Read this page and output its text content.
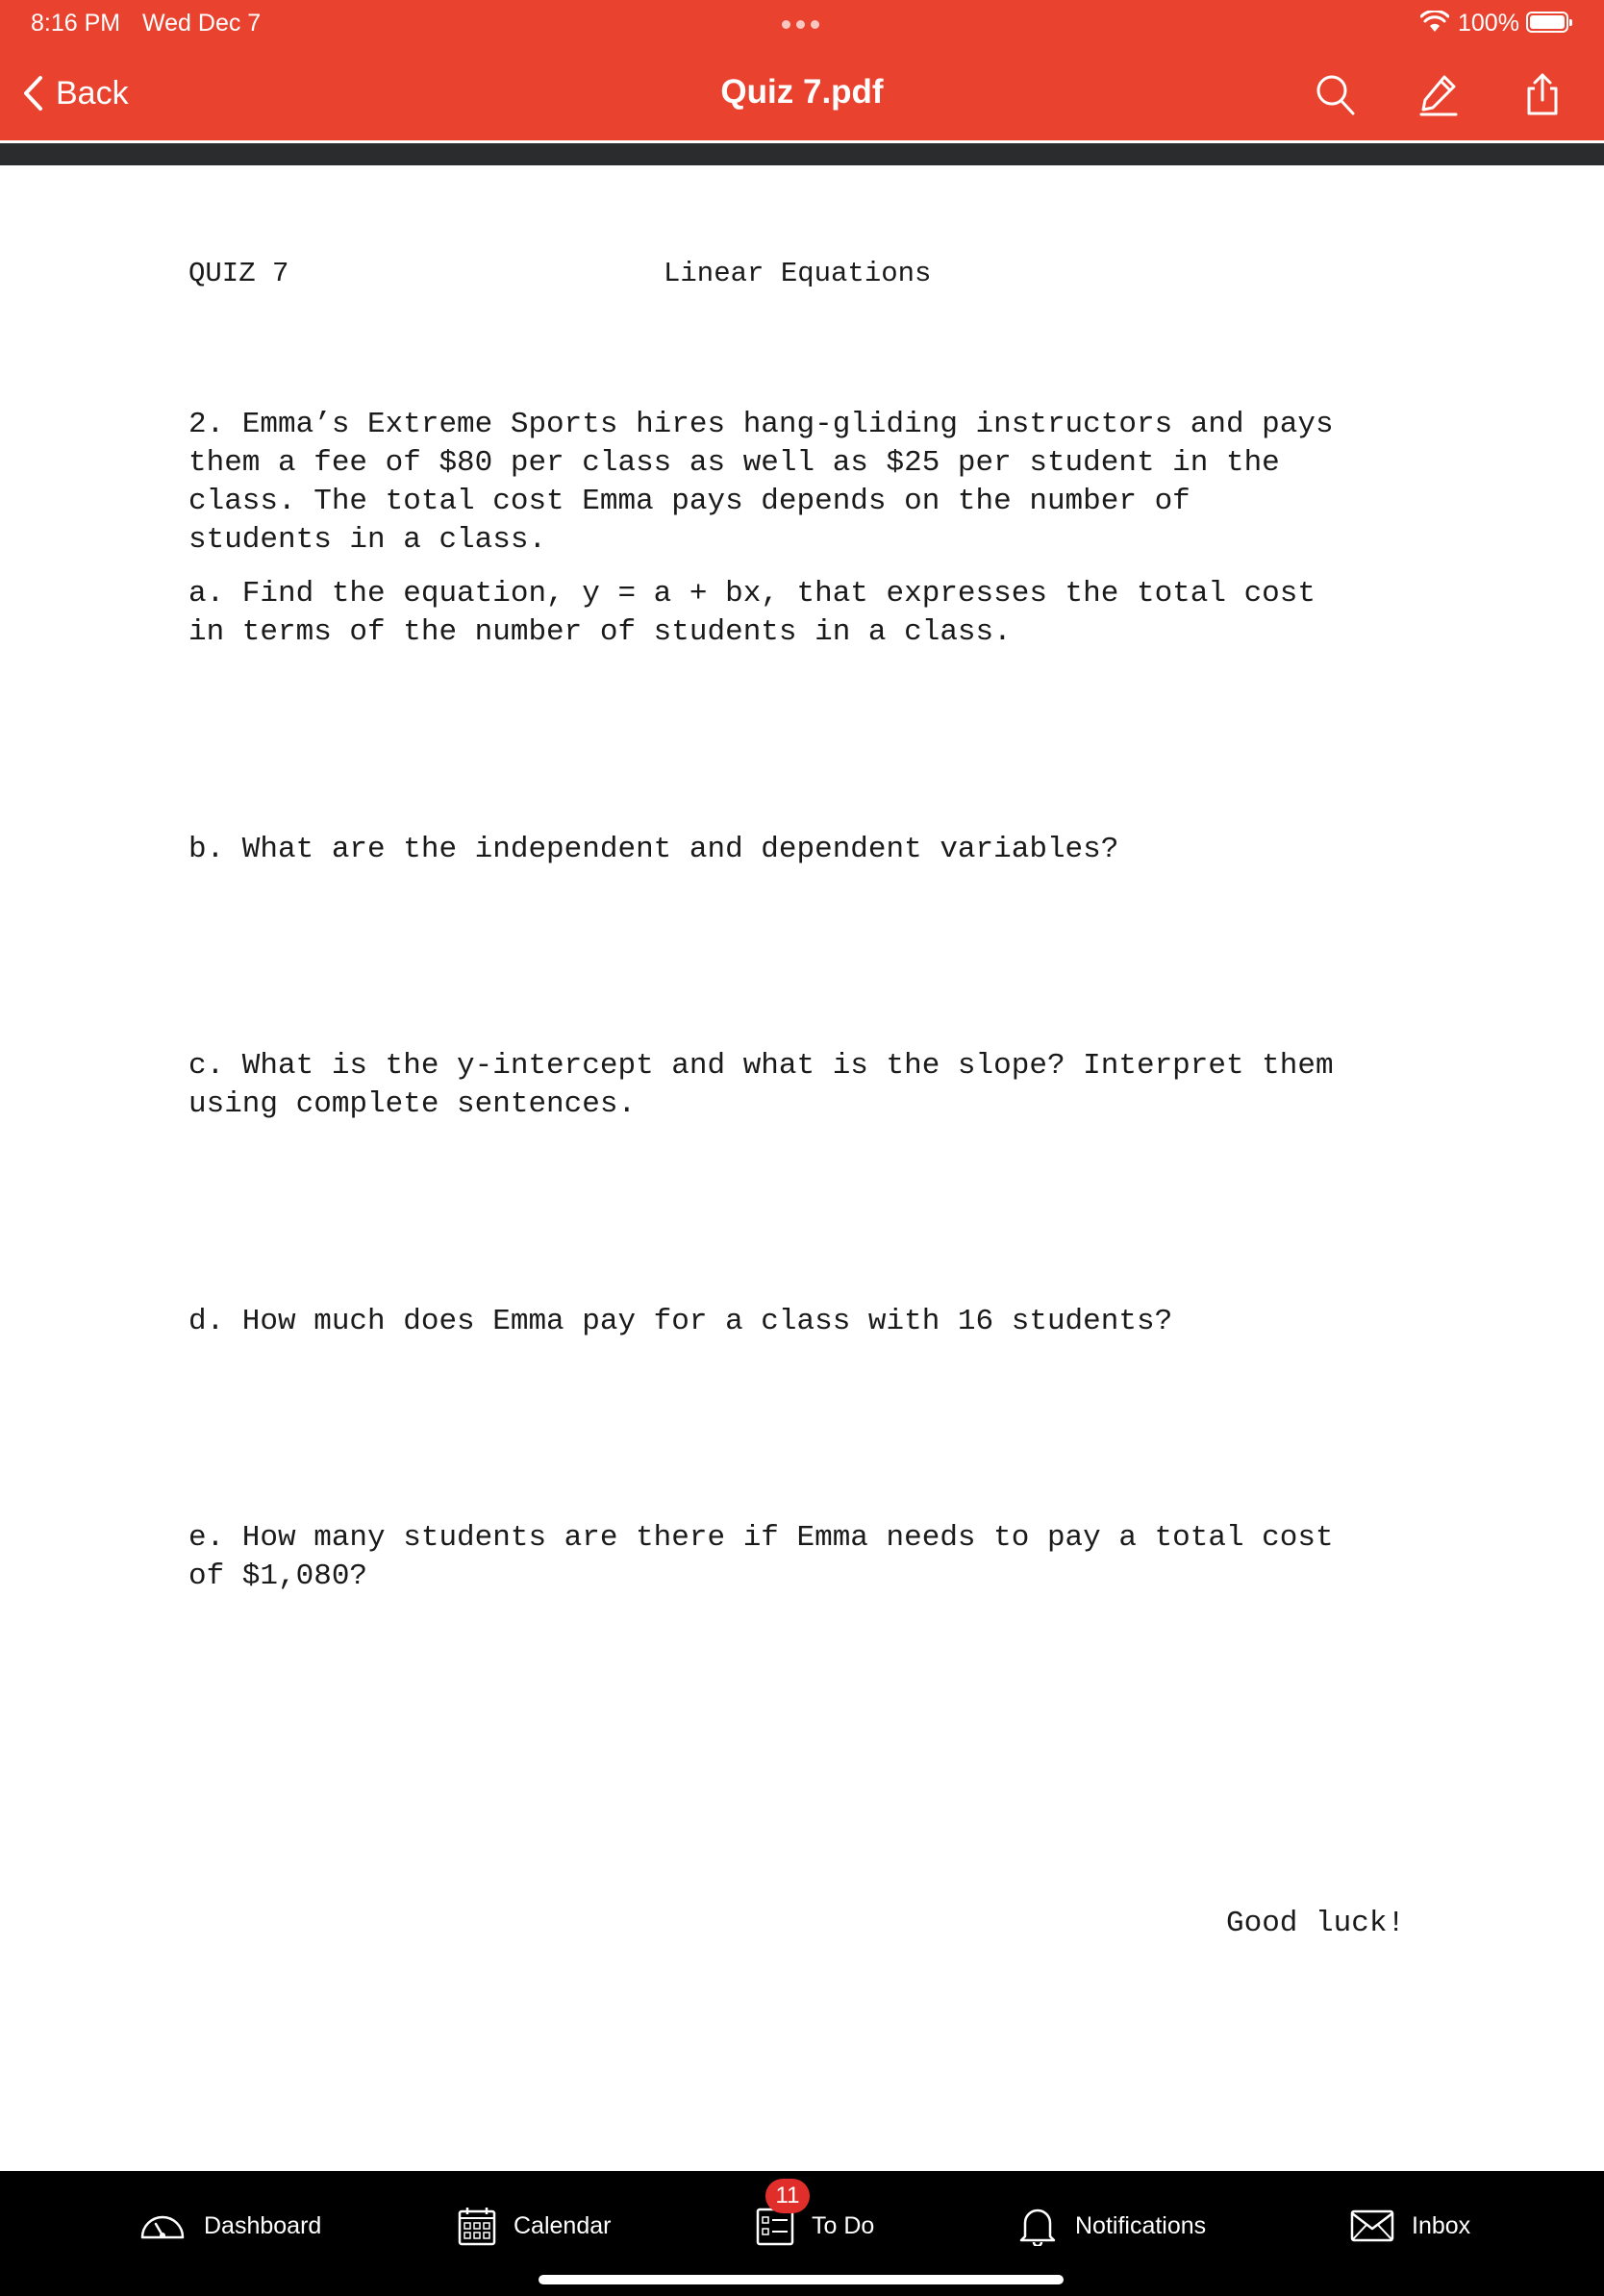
8:16 PM Wed Dec 7	100%
Back	Quiz 7.pdf
QUIZ 7	Linear Equations

2. Emma’s Extreme Sports hires hang-gliding instructors and pays
them a fee of $80 per class as well as $25 per student in the
class. The total cost Emma pays depends on the number of
students in a class.

a. Find the equation, y = a + bx, that expresses the total cost
in terms of the number of students in a class.

b. What are the independent and dependent variables?

c. What is the y-intercept and what is the slope? Interpret them
using complete sentences.

d. How much does Emma pay for a class with 16 students?

e. How many students are there if Emma needs to pay a total cost
of $1,080?

Good luck!
Dashboard	Calendar	To Do
11
Notifications	Inbox
